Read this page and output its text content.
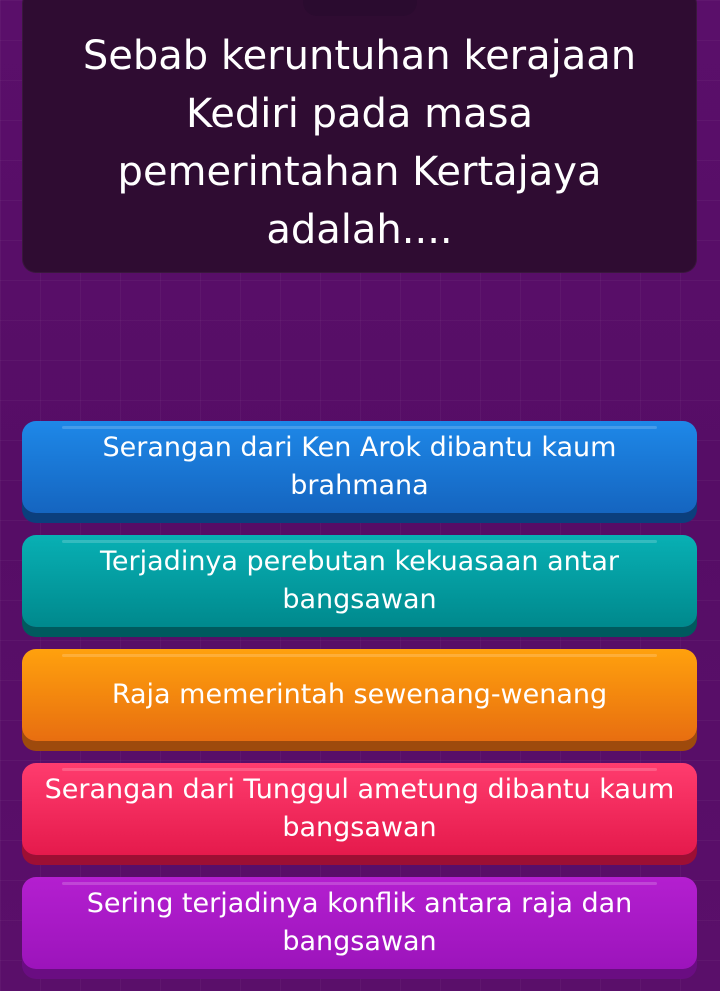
Sebab keruntuhan kerajaan Kediri pada masa pemerintahan Kertajaya adalah....
Serangan dari Ken Arok dibantu kaum brahmana
Terjadinya perebutan kekuasaan antar bangsawan
Raja memerintah sewenang-wenang
Serangan dari Tunggul ametung dibantu kaum bangsawan
Sering terjadinya konflik antara raja dan bangsawan
